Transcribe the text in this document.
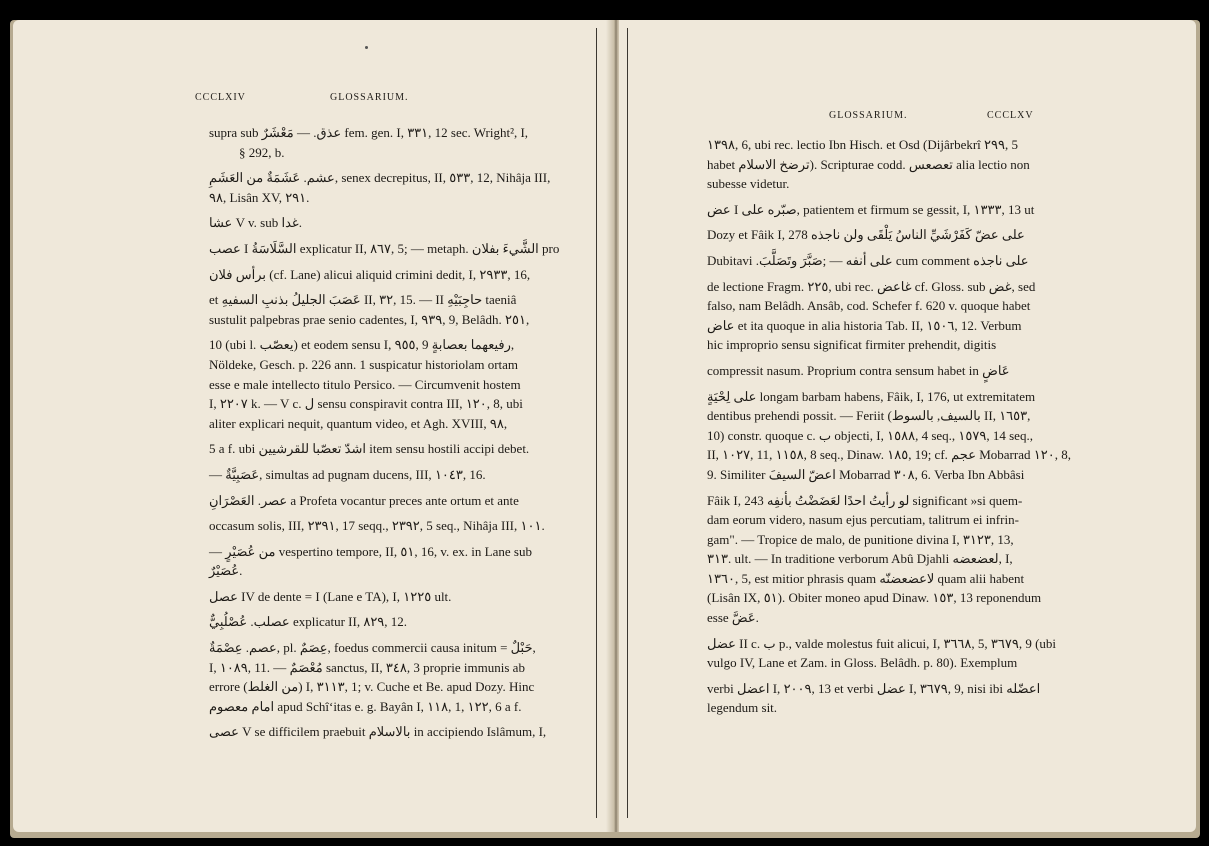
CCCLXIV	GLOSSARIUM.
supra sub عذق. — مَعْشَرٌ fem. gen. I, ٣٣١, 12 sec. Wright², I,
§ 292, b.
عشم. عَشَمَةٌ من العَشَمِ, senex decrepitus, II, ٥٣٣, 12, Nihâja III,
٩٨, Lisân XV, ٢٩١.
عشا V v. sub غدا.
عصب I السَّلَاسَةُ explicatur II, ٨٦٧, 5; — metaph. الشَّيءَ بفلان pro
برأس فلان (cf. Lane) alicui aliquid crimini dedit, I, ٢٩٣٣, 16,
et عَصَبَ الجليلُ بذنبِ السفيهِ II, ٣٢, 15. — II حاجِبَيْهِ taeniâ
sustulit palpebras prae senio cadentes, I, ٩٣٩, 9, Belâdh. ٢٥١,
10 (ubi l. يعصّب) et eodem sensu I, ٩٥٥, 9 رفيعهما بعصابةٍ,
Nöldeke, Gesch. p. 226 ann. 1 suspicatur historiolam ortam
esse e male intellecto titulo Persico. — Circumvenit hostem
I, ٢٢٠٧ k. — V c. ل sensu conspiravit contra III, ١٢٠, 8, ubi
aliter explicari nequit, quantum video, et Agh. XVIII, ٩٨,
5 a f. ubi اشدّ تعصّبا للقرشيين item sensu hostili accipi debet.
— عَصَبِيَّةٌ, simultas ad pugnam ducens, III, ١٠٤٣, 16.
عصر. العَصْرَانِ a Profeta vocantur preces ante ortum et ante
occasum solis, III, ٢٣٩١, 17 seqq., ٢٣٩٢, 5 seq., Nihâja III, ١٠١.
— من عُصَيْرٍ vespertino tempore, II, ٥١, 16, v. ex. in Lane sub
عُصَيْرٌ.
عصل IV de dente = I (Lane e TA), I, ١٢٢٥ ult.
عصلب. عُصْلُبِيٌّ explicatur II, ٨٢٩, 12.
عصم. عِصْمَةٌ, pl. عِصَمٌ, foedus commercii causa initum = حَبْلٌ,
I, ١٠٨٩, 11. — مُعْصَمٌ sanctus, II, ٣٤٨, 3 proprie immunis ab
errore (من الغلط) I, ٣١١٣, 1; v. Cuche et Be. apud Dozy. Hinc
امام معصوم apud Schî‘itas e. g. Bayân I, ١١٨, 1, ١٢٢, 6 a f.
عصى V se difficilem praebuit بالاسلام in accipiendo Islâmum, I,
GLOSSARIUM.	CCCLXV
١٣٩٨, 6, ubi rec. lectio Ibn Hisch. et Osd (Dijârbekrî ٢٩٩, 5
habet ترضخ الاسلام). Scripturae codd. تعصعس alia lectio non
subesse videtur.
عض I صبّره على, patientem et firmum se gessit, I, ١٣٣٣, 13 ut
Dozy et Fâik I, 278 على عضّ كَفَرْشَيِّ الناسُ يَلْقَى ولن ناجذه
Dubitavi .على أنفه — ;صَبَّرَ وتَصَلَّبَ cum comment على ناجذه
de lectione Fragm. ٢٢٥, ubi rec. غاعض cf. Gloss. sub غض, sed
falso, nam Belâdh. Ansâb, cod. Schefer f. 620 v. quoque habet
عاض et ita quoque in alia historia Tab. II, ١٥٠٦, 12. Verbum
hic improprio sensu significat firmiter prehendit, digitis
compressit nasum. Proprium contra sensum habet in عَاضٍ
على لِحْيَةٍ longam barbam habens, Fâik, I, 176, ut extremitatem
dentibus prehendi possit. — Feriit (بالسيف, بالسوط II, ١٦٥٣,
10) constr. quoque c. ب objecti, I, ١٥٨٨, 4 seq., ١٥٧٩, 14 seq.,
II, ١٠٢٧, 11, ١١٥٨, 8 seq., Dinaw. ١٨٥, 19; cf. عجم Mobarrad ١٢٠, 8,
9. Similiter اعضّ السيفَ Mobarrad ٣٠٨, 6. Verba Ibn Abbâsi
Fâik I, 243 لو رأيتُ احدًا لعَضَضْتُ بأنفِه significant »si quem-
dam eorum videro, nasum ejus percutiam, talitrum ei infrin-
gam". — Tropice de malo, de punitione divina I, ٣١٢٣, 13,
٣١٣. ult. — In traditione verborum Abû Djahli لعضعضه, I,
١٣٦٠, 5, est mitior phrasis quam لاعضعضنّه quam alii habent
(Lisân IX, ٥١). Obiter moneo apud Dinaw. ١٥٣, 13 reponendum
esse عَضَّ.
عضل II c. ب p., valde molestus fuit alicui, I, ٣٦٦٨, 5, ٣٦٧٩, 9 (ubi
vulgo IV, Lane et Zam. in Gloss. Belâdh. p. 80). Exemplum
verbi اعضل I, ٢٠٠٩, 13 et verbi عضل I, ٣٦٧٩, 9, nisi ibi اعضّله
legendum sit.
